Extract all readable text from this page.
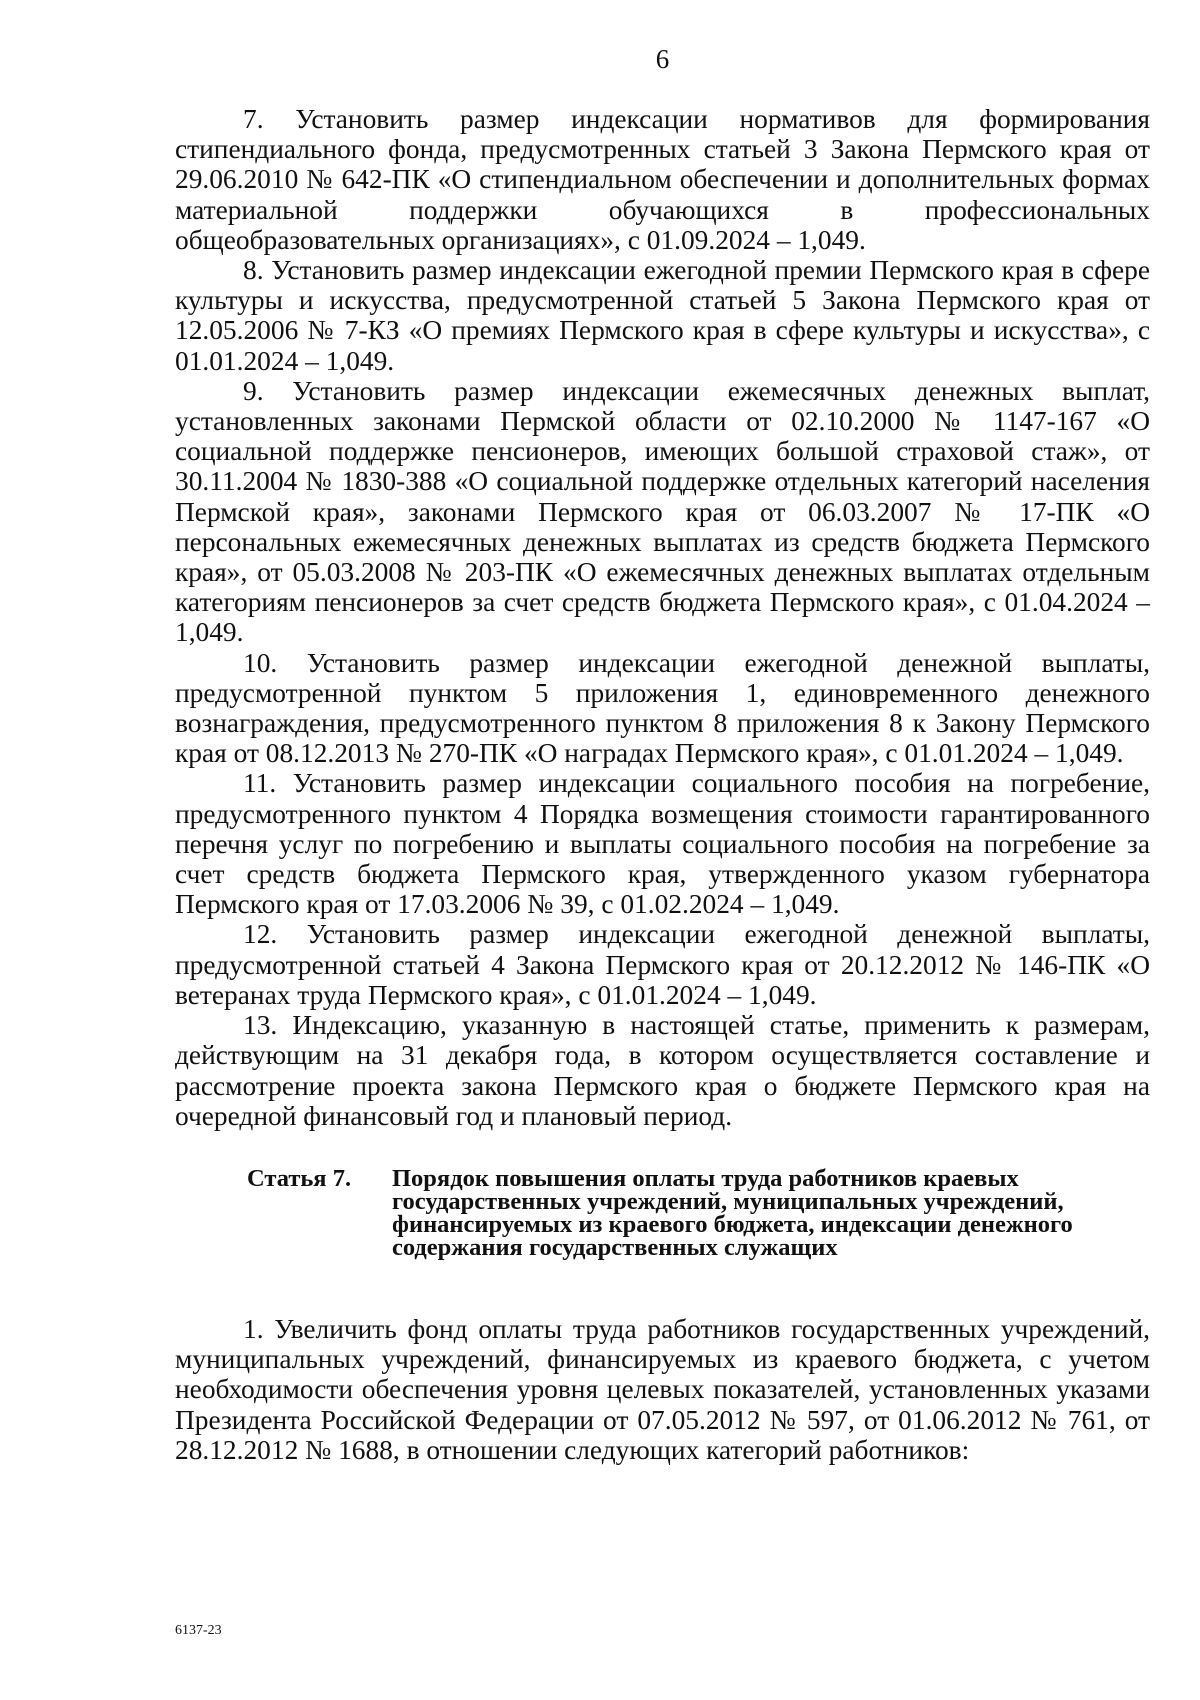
6

7. Установить размер индексации нормативов для формирования стипендиального фонда, предусмотренных статьей 3 Закона Пермского края от 29.06.2010 № 642-ПК «О стипендиальном обеспечении и дополнительных формах материальной поддержки обучающихся в профессиональных общеобразовательных организациях», с 01.09.2024 – 1,049.

8. Установить размер индексации ежегодной премии Пермского края в сфере культуры и искусства, предусмотренной статьей 5 Закона Пермского края от 12.05.2006 № 7-КЗ «О премиях Пермского края в сфере культуры и искусства», с 01.01.2024 – 1,049.

9. Установить размер индексации ежемесячных денежных выплат, установленных законами Пермской области от 02.10.2000 № 1147-167 «О социальной поддержке пенсионеров, имеющих большой страховой стаж», от 30.11.2004 № 1830-388 «О социальной поддержке отдельных категорий населения Пермской края», законами Пермского края от 06.03.2007 № 17-ПК «О персональных ежемесячных денежных выплатах из средств бюджета Пермского края», от 05.03.2008 № 203-ПК «О ежемесячных денежных выплатах отдельным категориям пенсионеров за счет средств бюджета Пермского края», с 01.04.2024 – 1,049.

10. Установить размер индексации ежегодной денежной выплаты, предусмотренной пунктом 5 приложения 1, единовременного денежного вознаграждения, предусмотренного пунктом 8 приложения 8 к Закону Пермского края от 08.12.2013 № 270-ПК «О наградах Пермского края», с 01.01.2024 – 1,049.

11. Установить размер индексации социального пособия на погребение, предусмотренного пунктом 4 Порядка возмещения стоимости гарантированного перечня услуг по погребению и выплаты социального пособия на погребение за счет средств бюджета Пермского края, утвержденного указом губернатора Пермского края от 17.03.2006 № 39, с 01.02.2024 – 1,049.

12. Установить размер индексации ежегодной денежной выплаты, предусмотренной статьей 4 Закона Пермского края от 20.12.2012 № 146-ПК «О ветеранах труда Пермского края», с 01.01.2024 – 1,049.

13. Индексацию, указанную в настоящей статье, применить к размерам, действующим на 31 декабря года, в котором осуществляется составление и рассмотрение проекта закона Пермского края о бюджете Пермского края на очередной финансовый год и плановый период.

Статья 7.	Порядок повышения оплаты труда работников краевых государственных учреждений, муниципальных учреждений, финансируемых из краевого бюджета, индексации денежного содержания государственных служащих

1. Увеличить фонд оплаты труда работников государственных учреждений, муниципальных учреждений, финансируемых из краевого бюджета, с учетом необходимости обеспечения уровня целевых показателей, установленных указами Президента Российской Федерации от 07.05.2012 № 597, от 01.06.2012 № 761, от 28.12.2012 № 1688, в отношении следующих категорий работников:

6137-23
